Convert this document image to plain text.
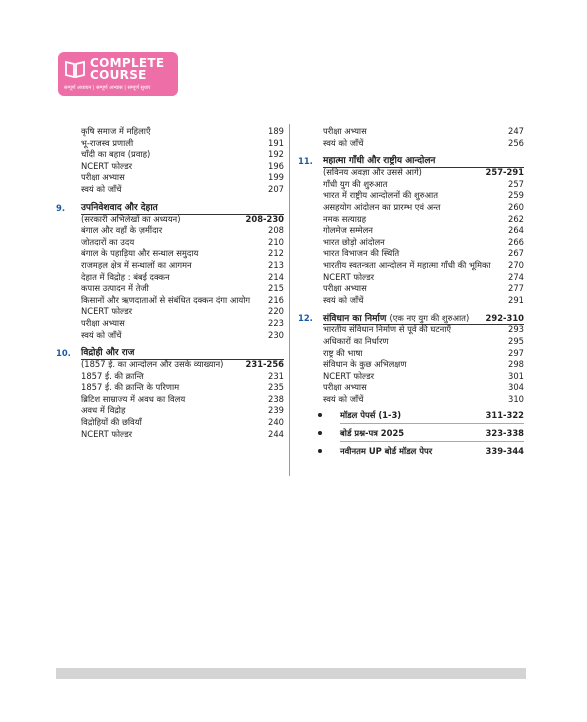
COMPLETE
COURSE
सम्पूर्ण अध्ययन | सम्पूर्ण अभ्यास | सम्पूर्ण सुधार
कृषि समाज में महिलाएँ	189
भू-राजस्व प्रणाली	191
चाँदी का बहाव (प्रवाह)	192
NCERT फोल्डर	196
परीक्षा अभ्यास	199
स्वयं को जाँचें	207
9. उपनिवेशवाद और देहात
(सरकारी अभिलेखों का अध्ययन)	208-230
बंगाल और वहाँ के ज़मींदार	208
जोतदारों का उदय	210
बंगाल के पहाड़िया और सन्थाल समुदाय	212
राजमहल क्षेत्र में सन्थालों का आगमन	213
देहात में विद्रोह : बंबई दक्कन	214
कपास उत्पादन में तेजी	215
किसानों और ऋणदाताओं से संबंधित दक्कन दंगा आयोग 216
NCERT फोल्डर	220
परीक्षा अभ्यास	223
स्वयं को जाँचें	230
10. विद्रोही और राज
(1857 ई. का आन्दोलन और उसके व्याख्यान)	231-256
1857 ई. की क्रान्ति	231
1857 ई. की क्रान्ति के परिणाम	235
ब्रिटिश साम्राज्य में अवध का विलय	238
अवध में विद्रोह	239
विद्रोहियों की छवियाँ	240
NCERT फोल्डर	244
परीक्षा अभ्यास	247
स्वयं को जाँचें	256
11. महात्मा गाँधी और राष्ट्रीय आन्दोलन
(सविनय अवज्ञा और उससे आगे)	257-291
गाँधी युग की शुरुआत	257
भारत में राष्ट्रीय आन्दोलनों की शुरुआत	259
असहयोग आंदोलन का प्रारम्भ एवं अन्त	260
नमक सत्याग्रह	262
गोलमेज सम्मेलन	264
भारत छोड़ो आंदोलन	266
भारत विभाजन की स्थिति	267
भारतीय स्वतन्त्रता आन्दोलन में महात्मा गाँधी की भूमिका 270
NCERT फोल्डर	274
परीक्षा अभ्यास	277
स्वयं को जाँचें	291
12. संविधान का निर्माण (एक नए युग की शुरुआत) 292-310
भारतीय संविधान निर्माण से पूर्व की घटनाएँ	293
अधिकारों का निर्धारण	295
राष्ट्र की भाषा	297
संविधान के कुछ अभिलक्षण	298
NCERT फोल्डर	301
परीक्षा अभ्यास	304
स्वयं को जाँचें	310
मॉडल पेपर्स (1-3)	311-322
बोर्ड प्रश्न-पत्र 2025	323-338
नवीनतम UP बोर्ड मॉडल पेपर	339-344
